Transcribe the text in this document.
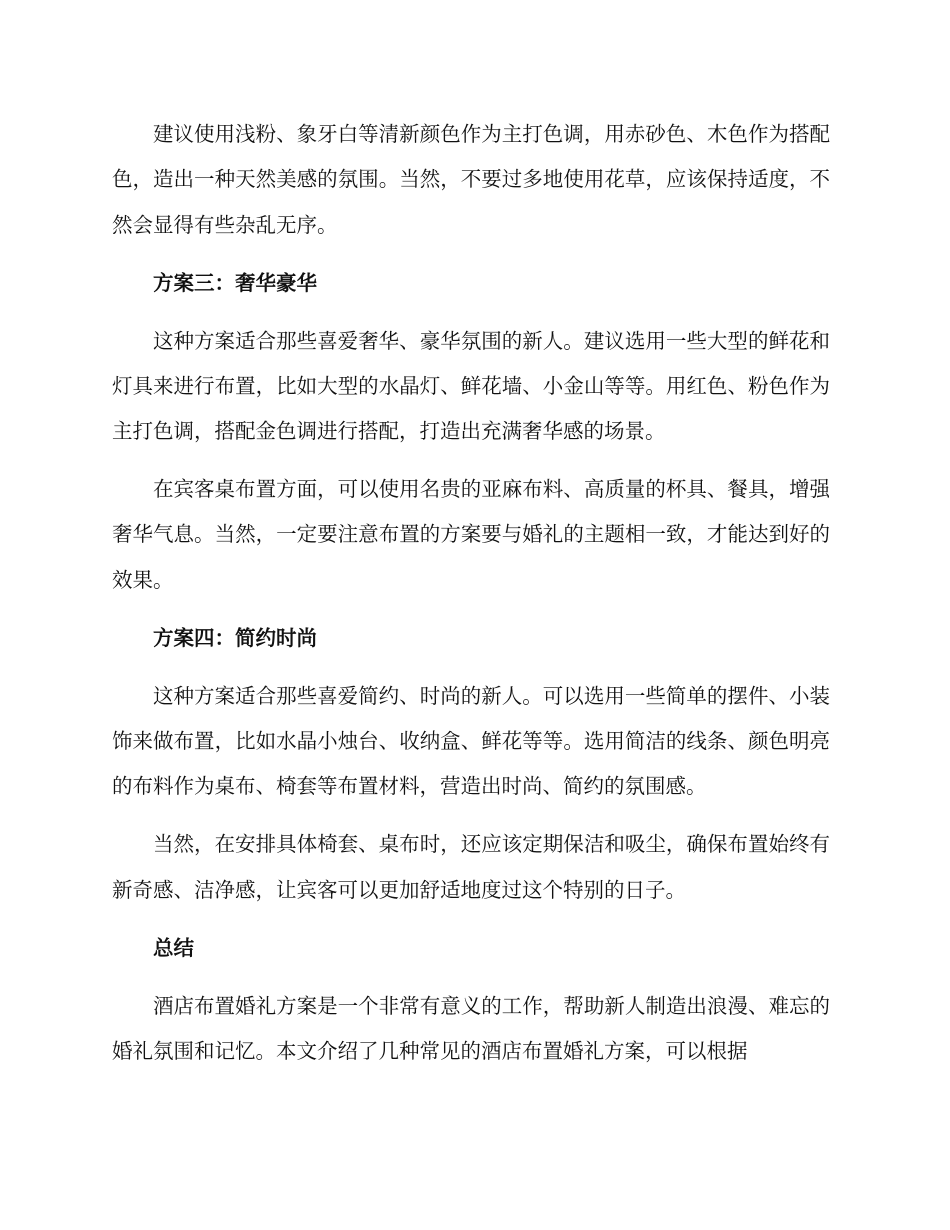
建议使用浅粉、象牙白等清新颜色作为主打色调，用赤砂色、木色作为搭配色，造出一种天然美感的氛围。当然，不要过多地使用花草，应该保持适度，不然会显得有些杂乱无序。

方案三：奢华豪华

这种方案适合那些喜爱奢华、豪华氛围的新人。建议选用一些大型的鲜花和灯具来进行布置，比如大型的水晶灯、鲜花墙、小金山等等。用红色、粉色作为主打色调，搭配金色调进行搭配，打造出充满奢华感的场景。

在宾客桌布置方面，可以使用名贵的亚麻布料、高质量的杯具、餐具，增强奢华气息。当然，一定要注意布置的方案要与婚礼的主题相一致，才能达到好的效果。

方案四：简约时尚

这种方案适合那些喜爱简约、时尚的新人。可以选用一些简单的摆件、小装饰来做布置，比如水晶小烛台、收纳盒、鲜花等等。选用简洁的线条、颜色明亮的布料作为桌布、椅套等布置材料，营造出时尚、简约的氛围感。

当然，在安排具体椅套、桌布时，还应该定期保洁和吸尘，确保布置始终有新奇感、洁净感，让宾客可以更加舒适地度过这个特别的日子。

总结

酒店布置婚礼方案是一个非常有意义的工作，帮助新人制造出浪漫、难忘的婚礼氛围和记忆。本文介绍了几种常见的酒店布置婚礼方案，可以根据
